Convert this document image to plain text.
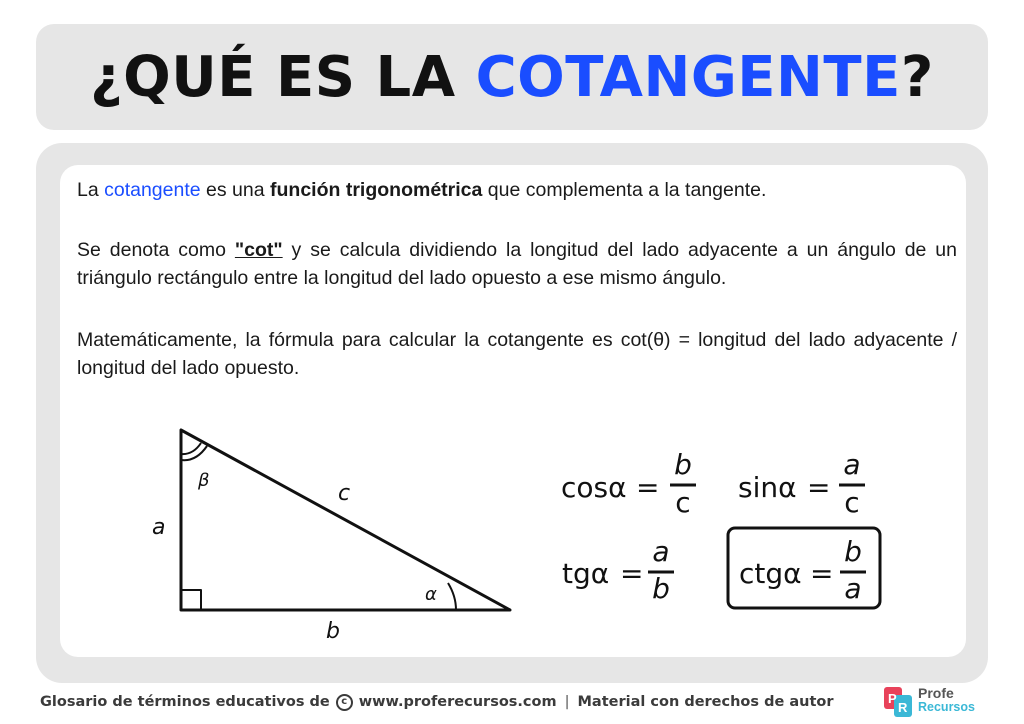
¿QUÉ ES LA COTANGENTE?

La cotangente es una función trigonométrica que complementa a la tangente.

Se denota como "cot" y se calcula dividiendo la longitud del lado adyacente a un ángulo de un triángulo rectángulo entre la longitud del lado opuesto a ese mismo ángulo.

Matemáticamente, la fórmula para calcular la cotangente es cot(θ) = longitud del lado adyacente / longitud del lado opuesto.

a
b
c
β
α
cosα =
b
c sinα =
a
c
tgα =
a
b ctgα =
b
a
Glosario de términos educativos de	c www.proferecursos.com | Material con derechos de autor	P
R
Profe
Recursos
